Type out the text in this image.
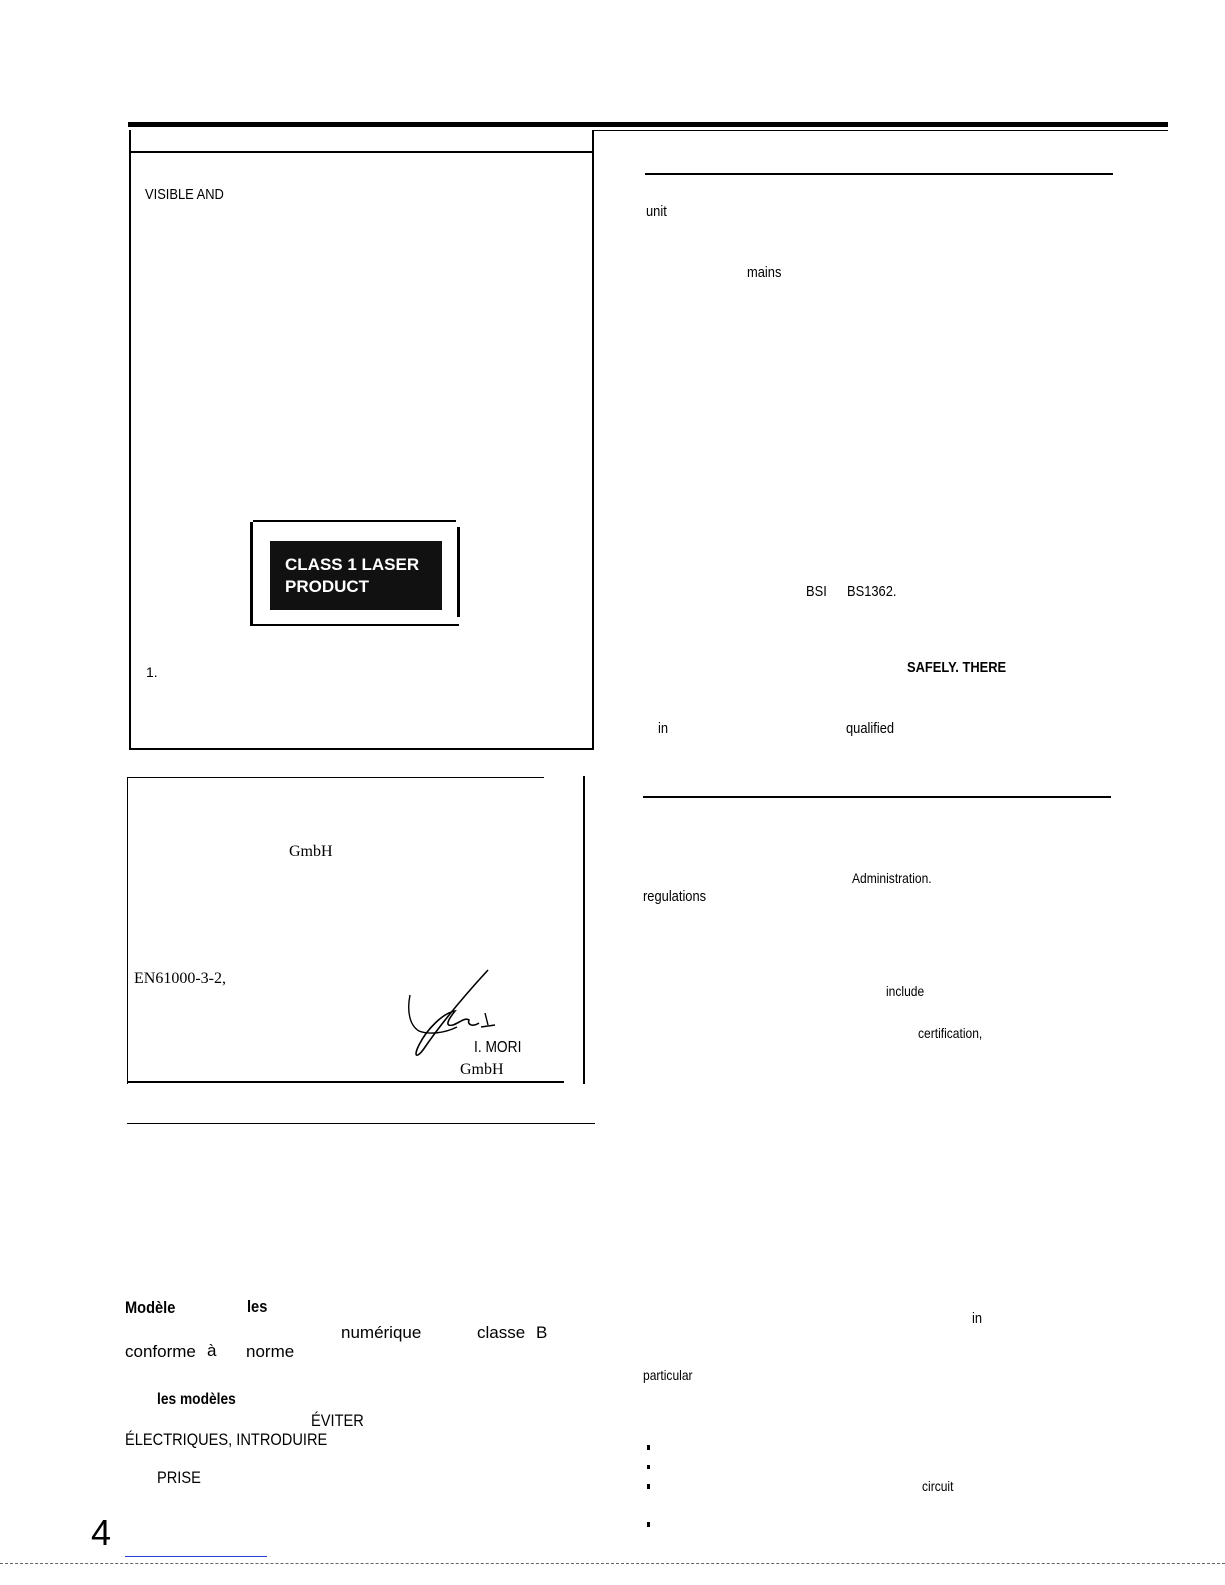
VISIBLE AND
CLASS 1 LASER
PRODUCT
1.
GmbH
EN61000-3-2,
I. MORI
GmbH
Modèle	les
numérique	classe B
conforme à norme
les modèles
ÉVITER
ÉLECTRIQUES, INTRODUIRE
PRISE
4
unit
mains
BSI BS1362.
SAFELY. THERE
in	qualified
Administration.
regulations
include
certification,
in
particular
circuit
